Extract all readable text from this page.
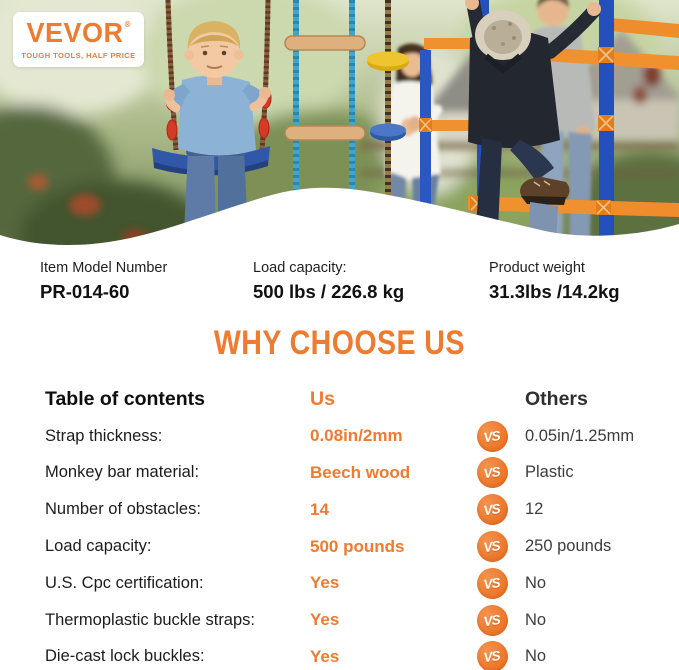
VEVOR ®
TOUGH TOOLS, HALF PRICE
Item Model Number
PR-014-60
Load capacity:
500 lbs / 226.8 kg
Product weight
31.3lbs /14.2kg
WHY CHOOSE US
Table of contents	Us	Others
Strap thickness:	0.08in/2mm	VS 0.05in/1.25mm
Monkey bar material:	Beech wood	VS Plastic
Number of obstacles:	14	VS 12
Load capacity:	500 pounds	VS 250 pounds
U.S. Cpc certification:	Yes	VS No
Thermoplastic buckle straps:	Yes	VS No
Die-cast lock buckles:	Yes	VS No
